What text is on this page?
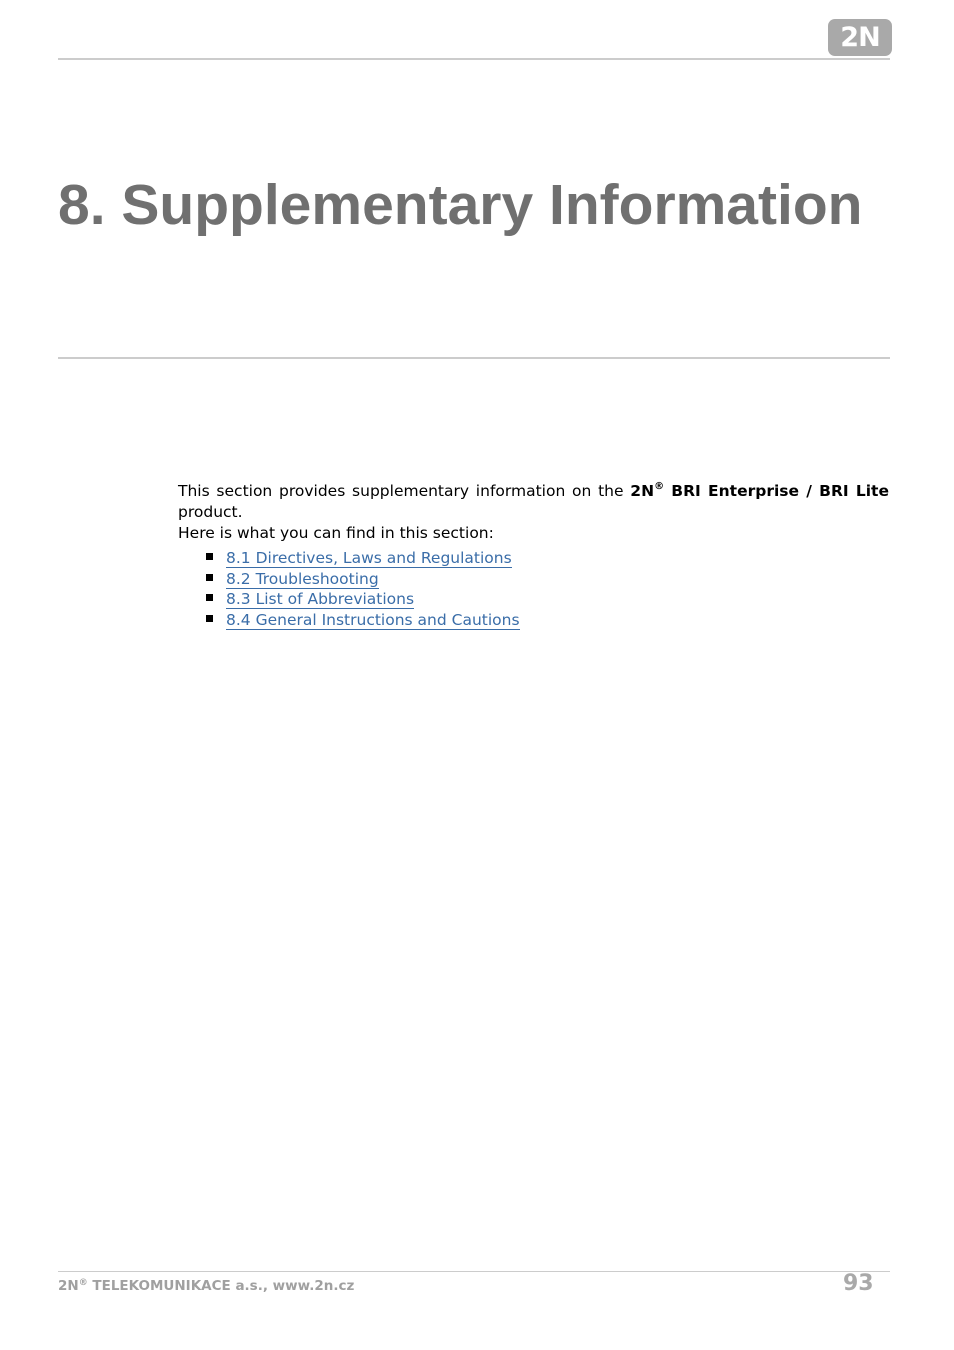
2N
8. Supplementary Information

This section provides supplementary information on the 2N® BRI Enterprise / BRI Lite product.

Here is what you can find in this section:

8.1 Directives, Laws and Regulations
8.2 Troubleshooting
8.3 List of Abbreviations
8.4 General Instructions and Cautions
2N® TELEKOMUNIKACE a.s., www.2n.cz	93
